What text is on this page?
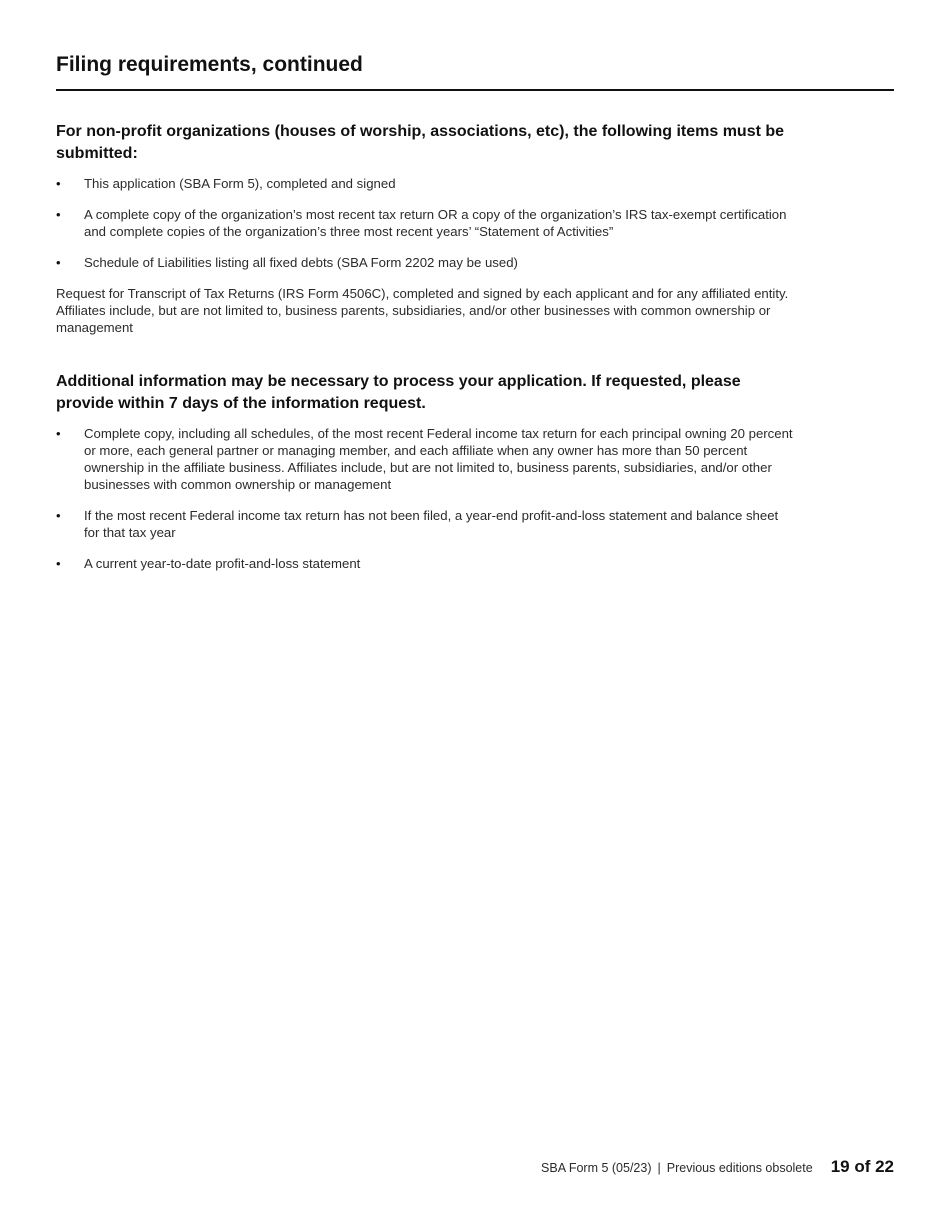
Filing requirements, continued
For non-profit organizations (houses of worship, associations, etc), the following items must be submitted:
• This application (SBA Form 5), completed and signed
• A complete copy of the organization’s most recent tax return OR a copy of the organization’s IRS tax-exempt certification and complete copies of the organization’s three most recent years’ “Statement of Activities”
• Schedule of Liabilities listing all fixed debts (SBA Form 2202 may be used)

Request for Transcript of Tax Returns (IRS Form 4506C), completed and signed by each applicant and for any affiliated entity. Affiliates include, but are not limited to, business parents, subsidiaries, and/or other businesses with common ownership or management

Additional information may be necessary to process your application. If requested, please provide within 7 days of the information request.
• Complete copy, including all schedules, of the most recent Federal income tax return for each principal owning 20 percent or more, each general partner or managing member, and each affiliate when any owner has more than 50 percent ownership in the affiliate business. Affiliates include, but are not limited to, business parents, subsidiaries, and/or other businesses with common ownership or management
• If the most recent Federal income tax return has not been filed, a year-end profit-and-loss statement and balance sheet for that tax year
• A current year-to-date profit-and-loss statement
SBA Form 5 (05/23) | Previous editions obsolete 19 of 22
